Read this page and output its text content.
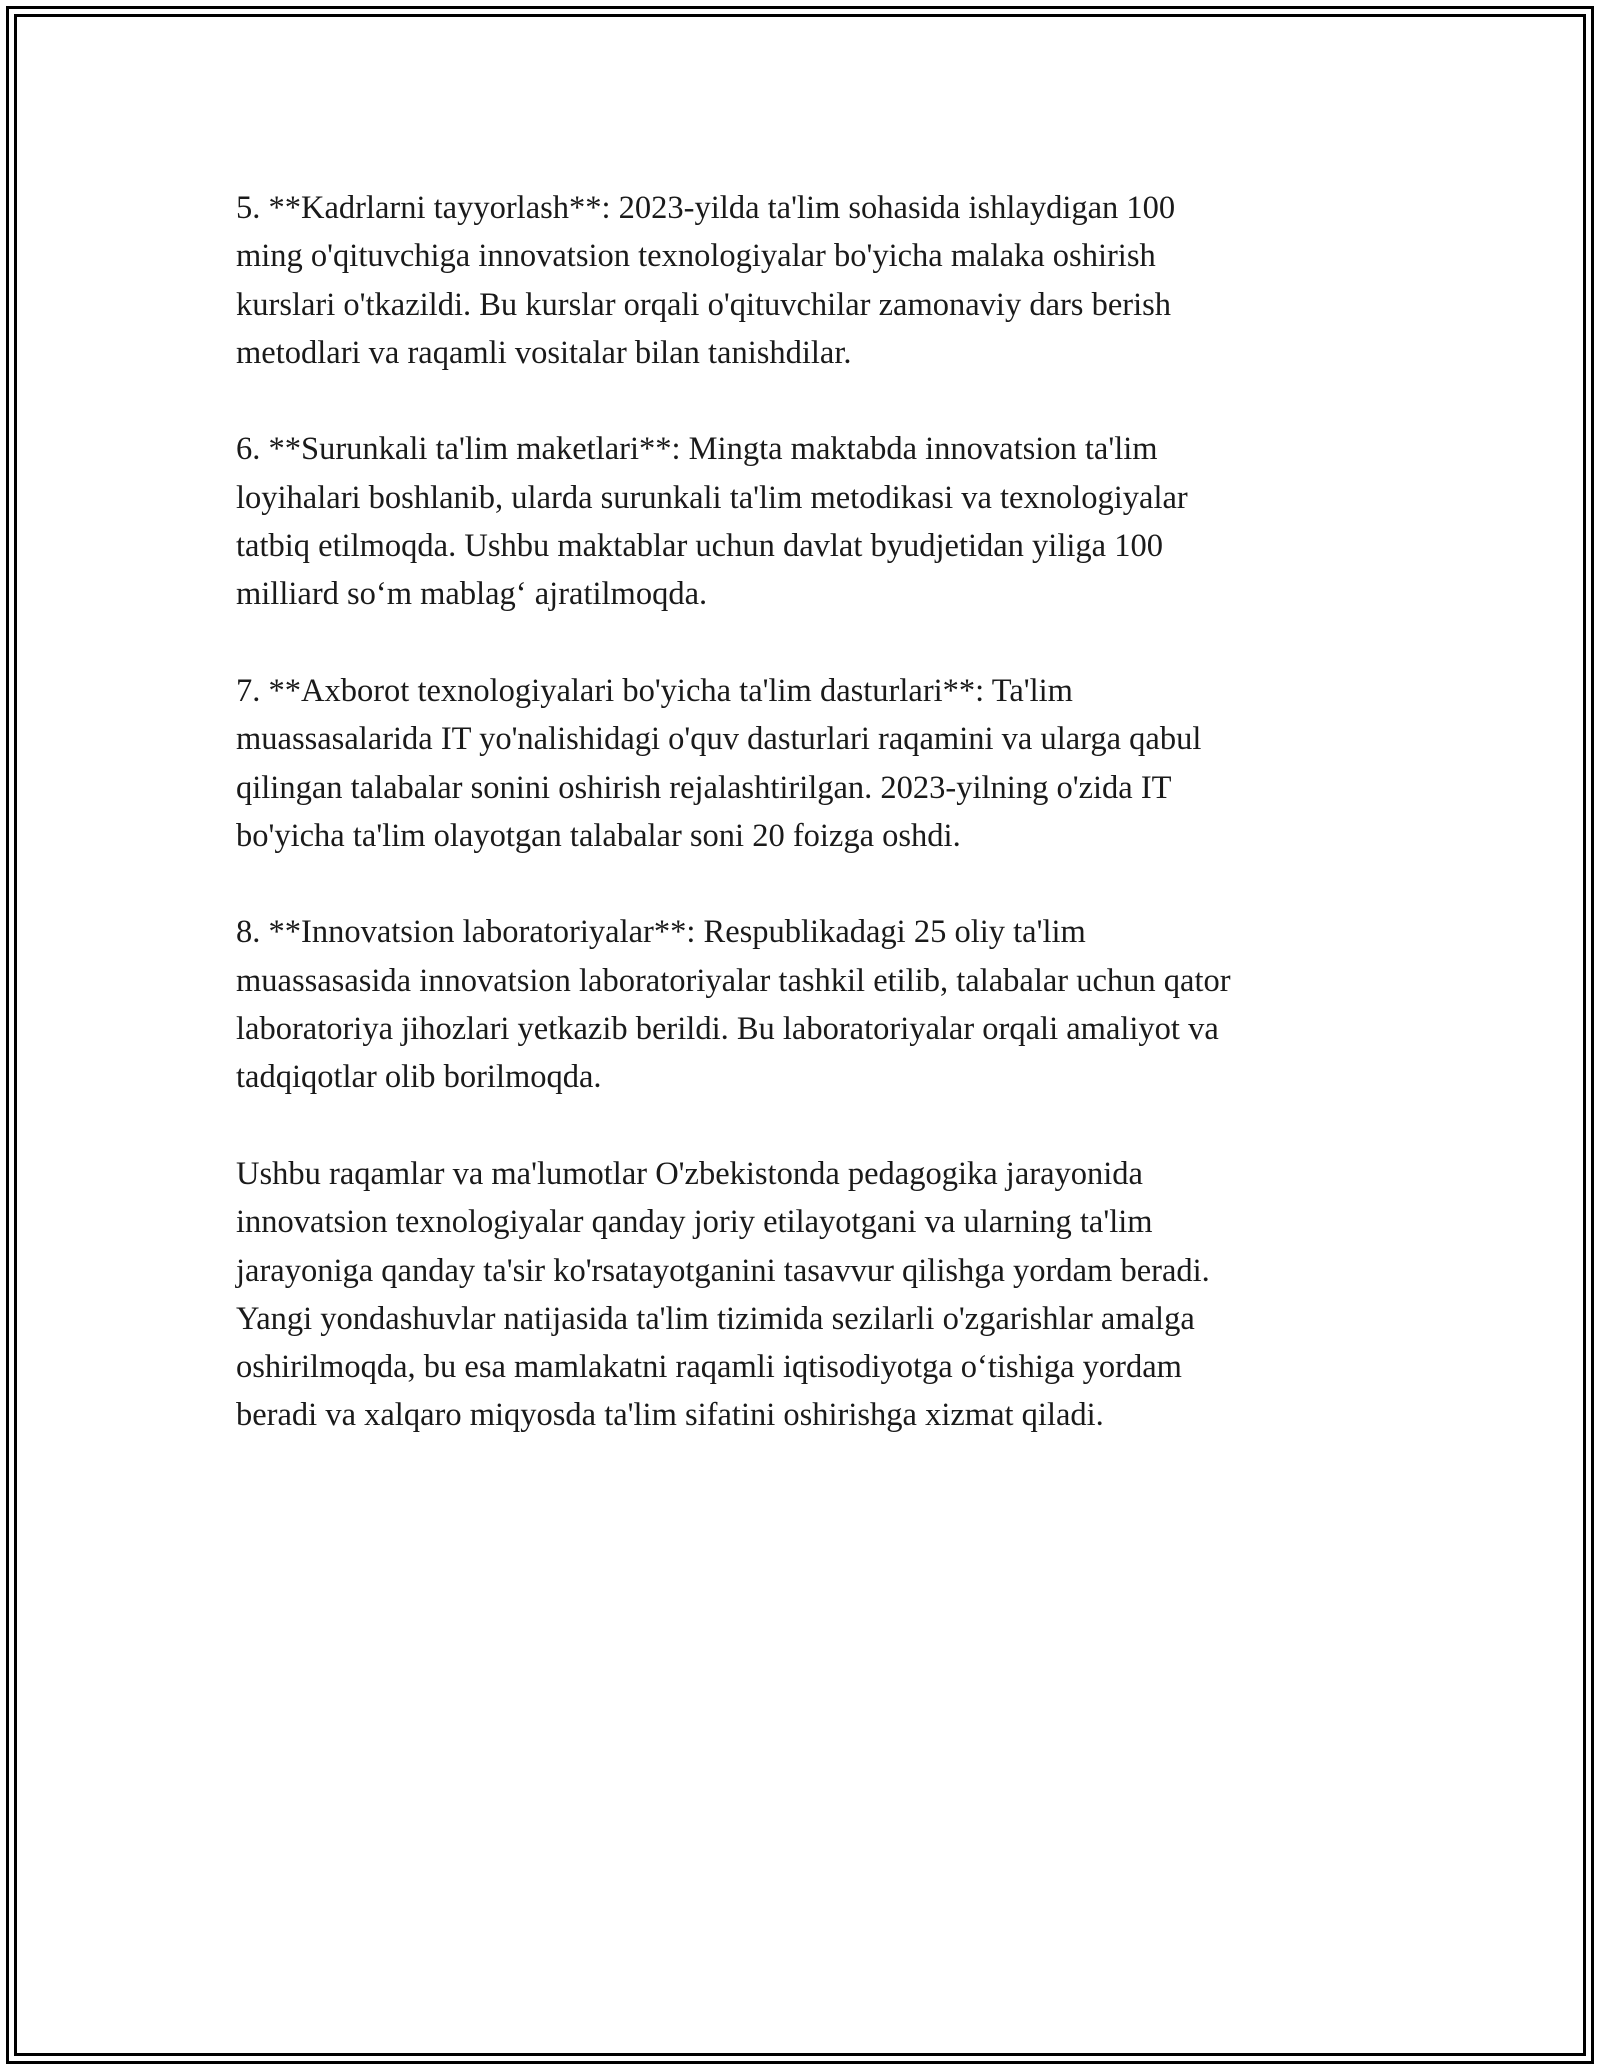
5. **Kadrlarni tayyorlash**: 2023-yilda ta'lim sohasida ishlaydigan 100
ming o'qituvchiga innovatsion texnologiyalar bo'yicha malaka oshirish
kurslari o'tkazildi. Bu kurslar orqali o'qituvchilar zamonaviy dars berish
metodlari va raqamli vositalar bilan tanishdilar.

6. **Surunkali ta'lim maketlari**: Mingta maktabda innovatsion ta'lim
loyihalari boshlanib, ularda surunkali ta'lim metodikasi va texnologiyalar
tatbiq etilmoqda. Ushbu maktablar uchun davlat byudjetidan yiliga 100
milliard so‘m mablag‘ ajratilmoqda.

7. **Axborot texnologiyalari bo'yicha ta'lim dasturlari**: Ta'lim
muassasalarida IT yo'nalishidagi o'quv dasturlari raqamini va ularga qabul
qilingan talabalar sonini oshirish rejalashtirilgan. 2023-yilning o'zida IT
bo'yicha ta'lim olayotgan talabalar soni 20 foizga oshdi.

8. **Innovatsion laboratoriyalar**: Respublikadagi 25 oliy ta'lim
muassasasida innovatsion laboratoriyalar tashkil etilib, talabalar uchun qator
laboratoriya jihozlari yetkazib berildi. Bu laboratoriyalar orqali amaliyot va
tadqiqotlar olib borilmoqda.

Ushbu raqamlar va ma'lumotlar O'zbekistonda pedagogika jarayonida
innovatsion texnologiyalar qanday joriy etilayotgani va ularning ta'lim
jarayoniga qanday ta'sir ko'rsatayotganini tasavvur qilishga yordam beradi.
Yangi yondashuvlar natijasida ta'lim tizimida sezilarli o'zgarishlar amalga
oshirilmoqda, bu esa mamlakatni raqamli iqtisodiyotga o‘tishiga yordam
beradi va xalqaro miqyosda ta'lim sifatini oshirishga xizmat qiladi.
